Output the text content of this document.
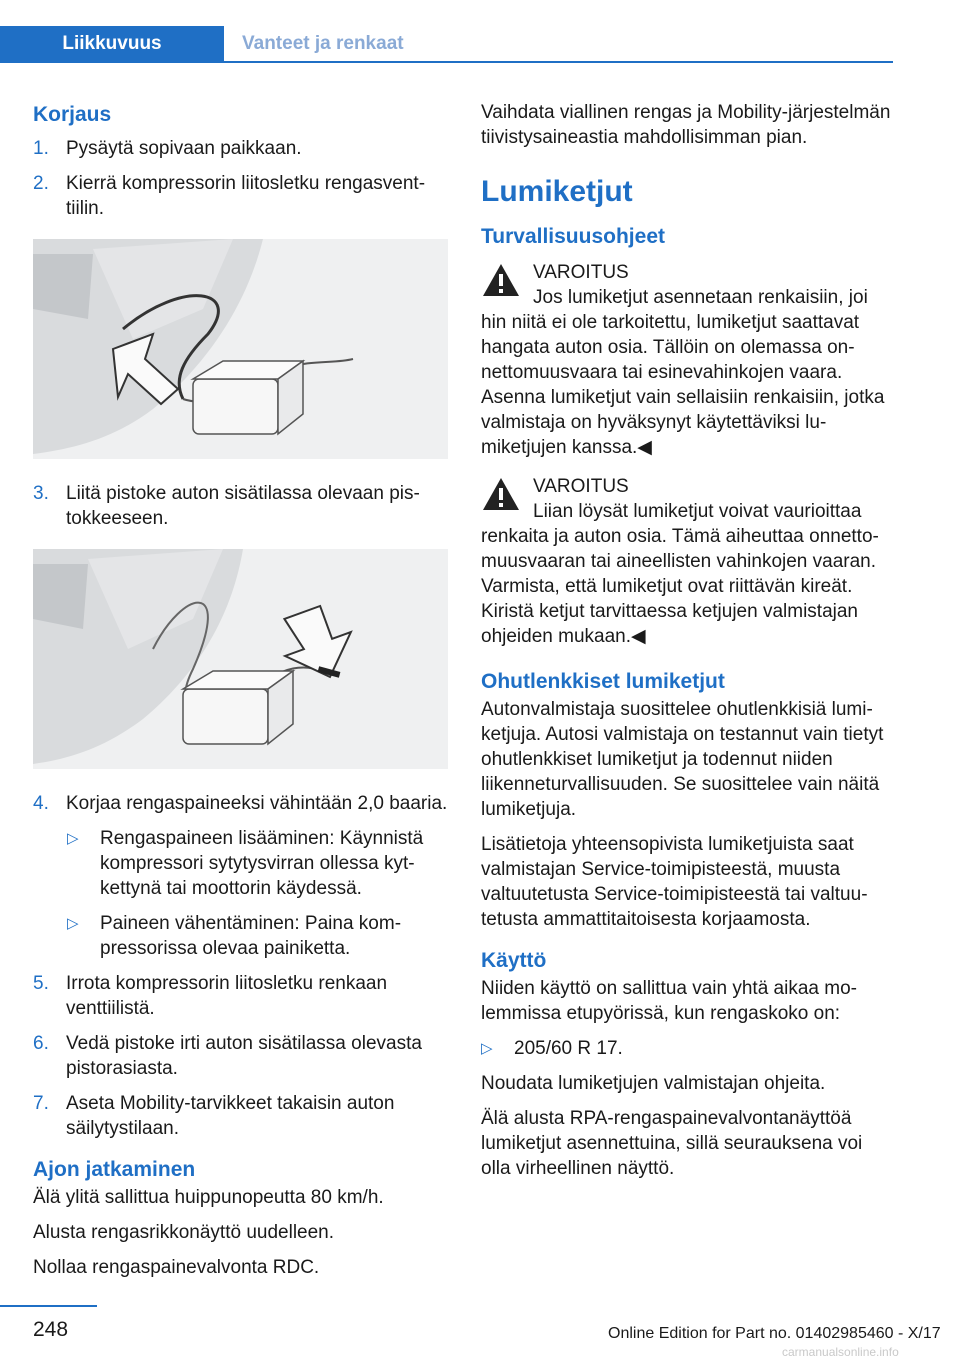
Liikkuvuus	Vanteet ja renkaat
Korjaus
1. Pysäytä sopivaan paikkaan.
2. Kierrä kompressorin liitosletku rengasventtiilin.
3. Liitä pistoke auton sisätilassa olevaan pistokkeeseen.
4. Korjaa rengaspaineeksi vähintään 2,0 baaria.
▷ Rengaspaineen lisääminen: Käynnistä kompressori sytytysvirran ollessa kytkettynä tai moottorin käydessä.
▷ Paineen vähentäminen: Paina kompressorissa olevaa painiketta.
5. Irrota kompressorin liitosletku renkaan venttiilistä.
6. Vedä pistoke irti auton sisätilassa olevasta pistorasiasta.
7. Aseta Mobility-tarvikkeet takaisin auton säilytystilaan.
Ajon jatkaminen

Älä ylitä sallittua huippunopeutta 80 km/h.

Alusta rengasrikkonäyttö uudelleen.

Nollaa rengaspainevalvonta RDC.

Vaihdata viallinen rengas ja Mobility-järjestelmän tiivistysaineastia mahdollisimman pian.

Lumiketjut
Turvallisuusohjeet
VAROITUS
Jos lumiketjut asennetaan renkaisiin, joi
hin niitä ei ole tarkoitettu, lumiketjut saattavat hangata auton osia. Tällöin on olemassa onnettomuusvaara tai esinevahinkojen vaara. Asenna lumiketjut vain sellaisiin renkaisiin, jotka valmistaja on hyväksynyt käytettäviksi lumiketjujen kanssa.◀
VAROITUS
Liian löysät lumiketjut voivat vaurioittaa
renkaita ja auton osia. Tämä aiheuttaa onnettomuusvaaran tai aineellisten vahinkojen vaaran. Varmista, että lumiketjut ovat riittävän kireät. Kiristä ketjut tarvittaessa ketjujen valmistajan ohjeiden mukaan.◀
Ohutlenkkiset lumiketjut

Autonvalmistaja suosittelee ohutlenkkisiä lumiketjuja. Autosi valmistaja on testannut vain tietyt ohutlenkkiset lumiketjut ja todennut niiden liikenneturvallisuuden. Se suosittelee vain näitä lumiketjuja.

Lisätietoja yhteensopivista lumiketjuista saat valmistajan Service-toimipisteestä, muusta valtuutetusta Service-toimipisteestä tai valtuutetusta ammattitaitoisesta korjaamosta.

Käyttö

Niiden käyttö on sallittua vain yhtä aikaa molemmissa etupyörissä, kun rengaskoko on:

▷ 205/60 R 17.

Noudata lumiketjujen valmistajan ohjeita.

Älä alusta RPA-rengaspainevalvontanäyttöä lumiketjut asennettuina, sillä seurauksena voi olla virheellinen näyttö.

248	Online Edition for Part no. 01402985460 - X/17
carmanualsonline.info
